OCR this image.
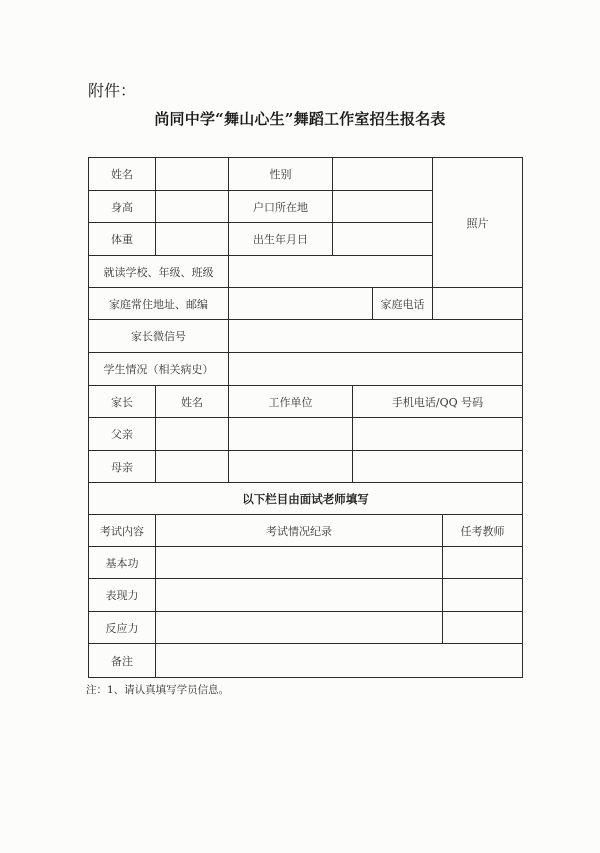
附件：
尚同中学“舞山心生”舞蹈工作室招生报名表
姓名	性别
照片
身高	户口所在地
体重	出生年月日
就读学校、年级、班级
家庭常住地址、邮编	家庭电话
家长微信号
学生情况（相关病史）
家长	姓名	工作单位	手机电话/QQ 号码
父亲
母亲
以下栏目由面试老师填写
考试内容	考试情况纪录	任考教师
基本功
表现力
反应力
备注
注：1、请认真填写学员信息。
